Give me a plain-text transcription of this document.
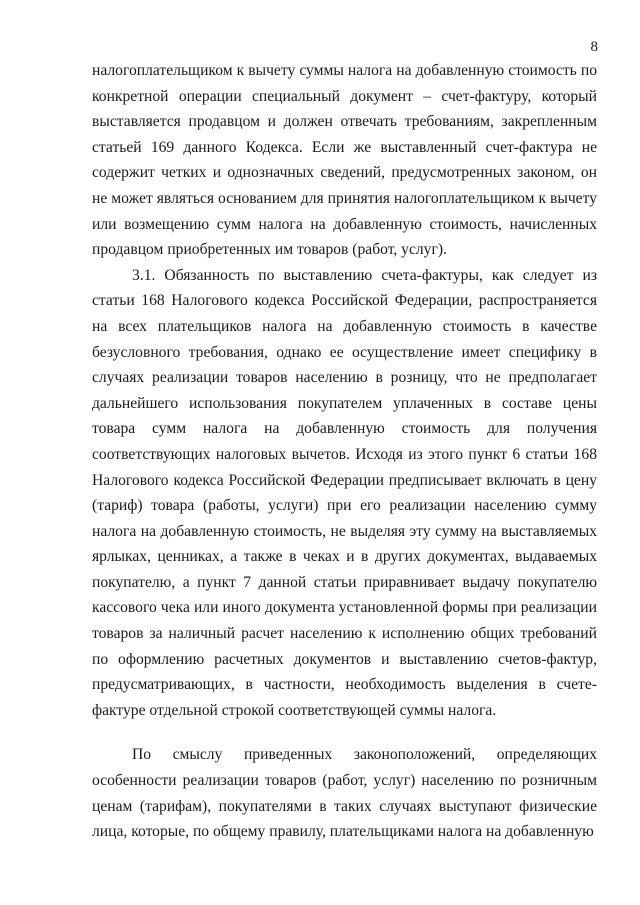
8

налогоплательщиком к вычету суммы налога на добавленную стоимость по конкретной операции специальный документ – счет-фактуру, который выставляется продавцом и должен отвечать требованиям, закрепленным статьей 169 данного Кодекса. Если же выставленный счет-фактура не содержит четких и однозначных сведений, предусмотренных законом, он не может являться основанием для принятия налогоплательщиком к вычету или возмещению сумм налога на добавленную стоимость, начисленных продавцом приобретенных им товаров (работ, услуг).

3.1. Обязанность по выставлению счета-фактуры, как следует из статьи 168 Налогового кодекса Российской Федерации, распространяется на всех плательщиков налога на добавленную стоимость в качестве безусловного требования, однако ее осуществление имеет специфику в случаях реализации товаров населению в розницу, что не предполагает дальнейшего использования покупателем уплаченных в составе цены товара сумм налога на добавленную стоимость для получения соответствующих налоговых вычетов. Исходя из этого пункт 6 статьи 168 Налогового кодекса Российской Федерации предписывает включать в цену (тариф) товара (работы, услуги) при его реализации населению сумму налога на добавленную стоимость, не выделяя эту сумму на выставляемых ярлыках, ценниках, а также в чеках и в других документах, выдаваемых покупателю, а пункт 7 данной статьи приравнивает выдачу покупателю кассового чека или иного документа установленной формы при реализации товаров за наличный расчет населению к исполнению общих требований по оформлению расчетных документов и выставлению счетов-фактур, предусматривающих, в частности, необходимость выделения в счете-фактуре отдельной строкой соответствующей суммы налога.

По смыслу приведенных законоположений, определяющих особенности реализации товаров (работ, услуг) населению по розничным ценам (тарифам), покупателями в таких случаях выступают физические лица, которые, по общему правилу, плательщиками налога на добавленную
